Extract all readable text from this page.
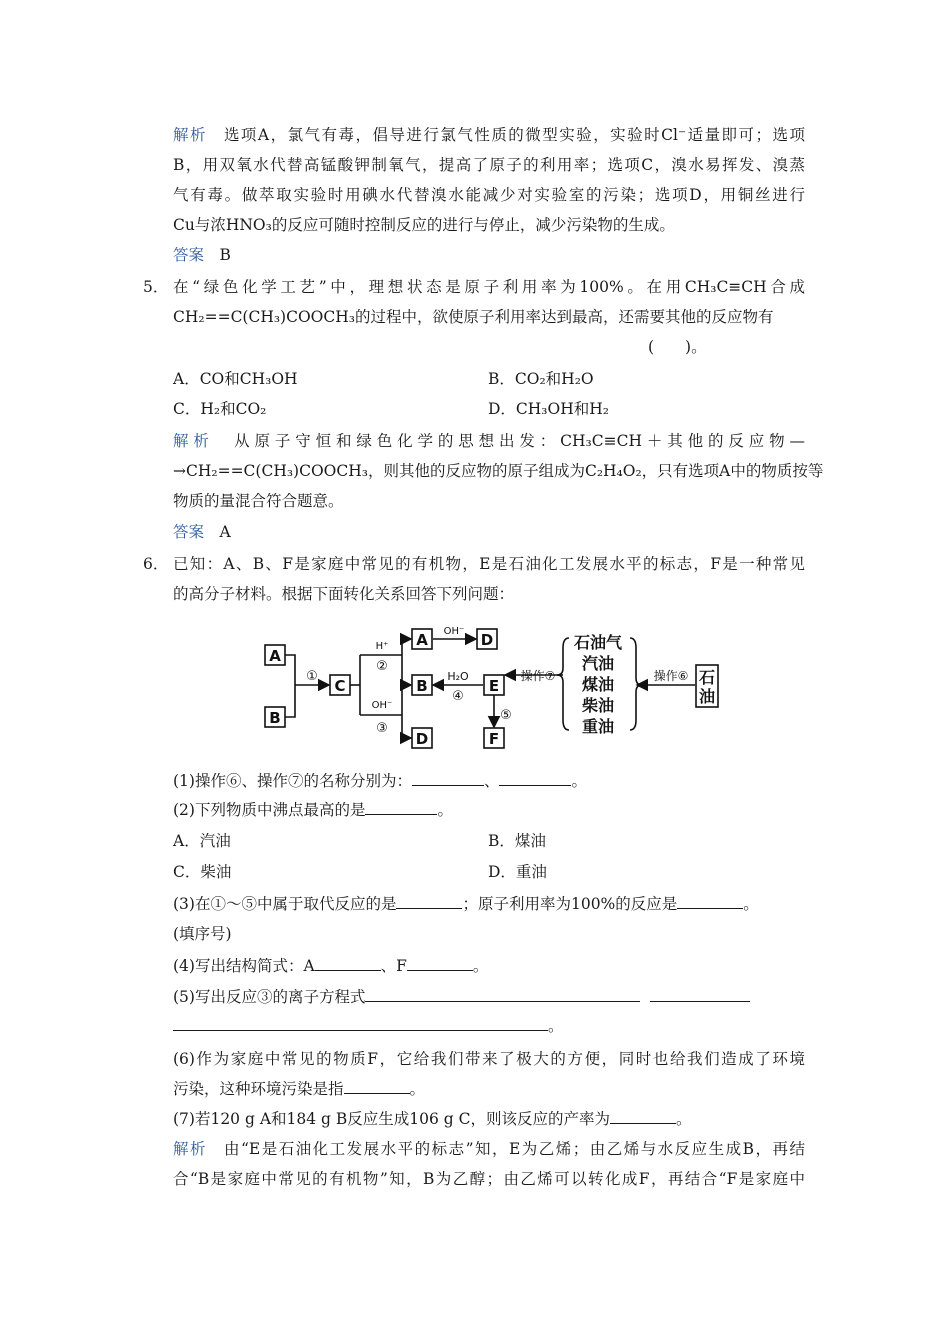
解析　 选项A，氯气有毒，倡导进行氯气性质的微型实验，实验时Cl⁻适量即可；选项
B，用双氧水代替高锰酸钾制氧气，提高了原子的利用率；选项C，溴水易挥发、溴蒸
气有毒。做萃取实验时用碘水代替溴水能减少对实验室的污染；选项D，用铜丝进行
Cu与浓HNO₃的反应可随时控制反应的进行与停止，减少污染物的生成。
答案　 B
5． 在“绿色化学工艺”中，理想状态是原子利用率为100%。在用CH₃C≡CH合成
CH₂==C(CH₃)COOCH₃的过程中，欲使原子利用率达到最高，还需要其他的反应物有
(　　)。
A．CO和CH₃OH	B．CO₂和H₂O
C．H₂和CO₂	D．CH₃OH和H₂
解析　 从原子守恒和绿色化学的思想出发：CH₃C≡CH＋其他的反应物—
→CH₂==C(CH₃)COOCH₃，则其他的反应物的原子组成为C₂H₄O₂，只有选项A中的物质按等
物质的量混合符合题意。
答案　 A
6． 已知：A、B、F是家庭中常见的有机物，E是石油化工发展水平的标志，F是一种常见
的高分子材料。根据下面转化关系回答下列问题：
A
B
C
A	D
B	E
F
D
①
H⁺
②
OH⁻
③
OH⁻
H₂O
④
⑤
操作⑦	操作⑥
石油气
汽油
煤油
柴油
重油
石
油
(1)操作⑥、操作⑦的名称分别为：	、	。
(2)下列物质中沸点最高的是	。
A．汽油	B．煤油
C．柴油	D．重油
(3)在①～⑤中属于取代反应的是	；原子利用率为100%的反应是	。
(填序号)
(4)写出结构简式：A	、F	。
(5)写出反应③的离子方程式
。
(6)作为家庭中常见的物质F，它给我们带来了极大的方便，同时也给我们造成了环境
污染，这种环境污染是指	。
(7)若120 g A和184 g B反应生成106 g C，则该反应的产率为	。
解析　 由“E是石油化工发展水平的标志”知，E为乙烯；由乙烯与水反应生成B，再结
合“B是家庭中常见的有机物”知，B为乙醇；由乙烯可以转化成F，再结合“F是家庭中
